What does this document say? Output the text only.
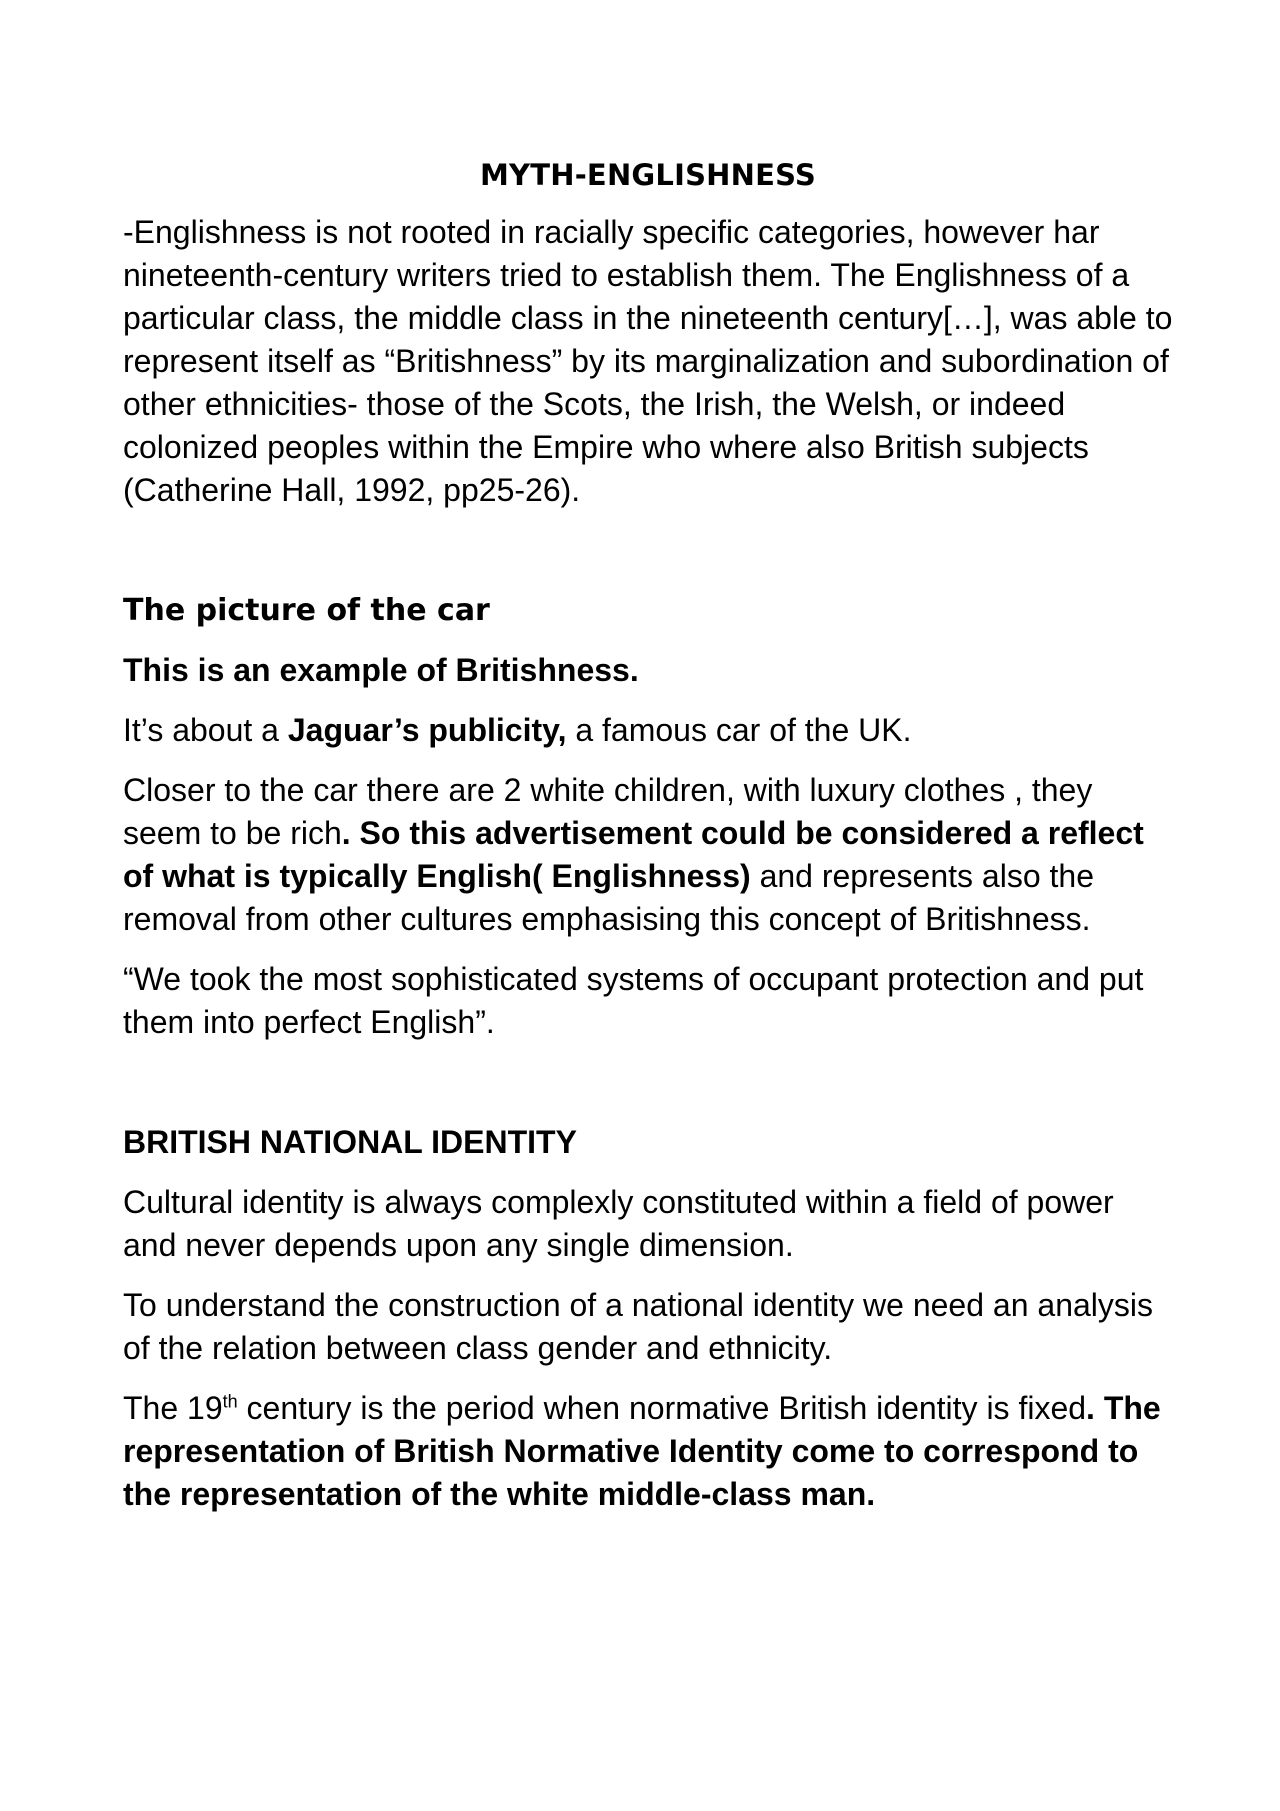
MYTH-ENGLISHNESS

-Englishness is not rooted in racially specific categories, however har nineteenth-century writers tried to establish them. The Englishness of a particular class, the middle class in the nineteenth century[…], was able to represent itself as “Britishness” by its marginalization and subordination of other ethnicities- those of the Scots, the Irish, the Welsh, or indeed colonized peoples within the Empire who where also British subjects (Catherine Hall, 1992, pp25-26).

The picture of the car

This is an example of Britishness.

It’s about a Jaguar’s publicity, a famous car of the UK.

Closer to the car there are 2 white children, with luxury clothes , they seem to be rich. So this advertisement could be considered a reflect of what is typically English( Englishness) and represents also the removal from other cultures emphasising this concept of Britishness.

“We took the most sophisticated systems of occupant protection and put them into perfect English”.

BRITISH NATIONAL IDENTITY

Cultural identity is always complexly constituted within a field of power and never depends upon any single dimension.

To understand the construction of a national identity we need an analysis of the relation between class gender and ethnicity.

The 19th century is the period when normative British identity is fixed. The representation of British Normative Identity come to correspond to the representation of the white middle-class man.
